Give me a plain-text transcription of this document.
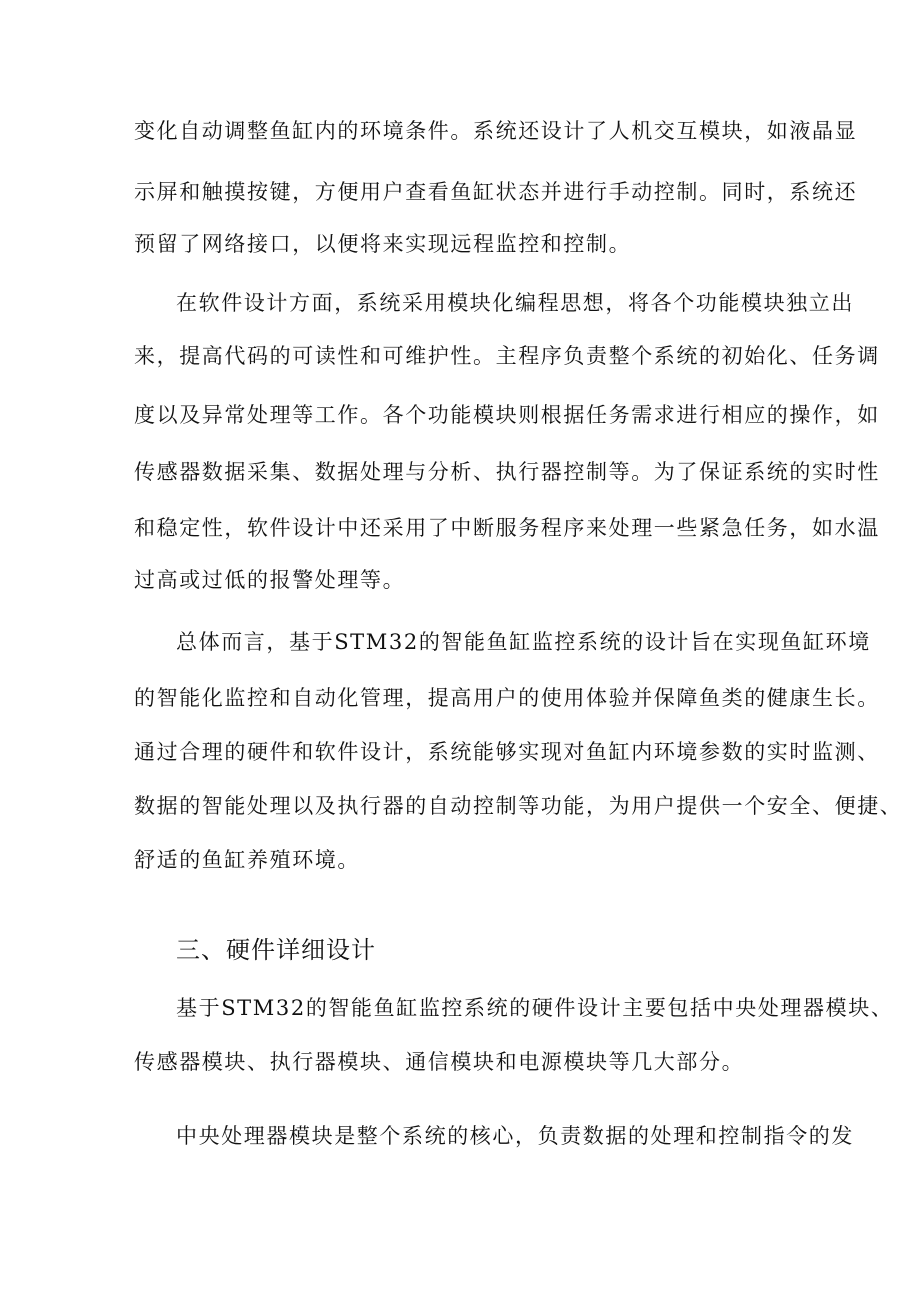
变化自动调整鱼缸内的环境条件。系统还设计了人机交互模块，如液晶显
示屏和触摸按键，方便用户查看鱼缸状态并进行手动控制。同时，系统还
预留了网络接口，以便将来实现远程监控和控制。
在软件设计方面，系统采用模块化编程思想，将各个功能模块独立出
来，提高代码的可读性和可维护性。主程序负责整个系统的初始化、任务调
度以及异常处理等工作。各个功能模块则根据任务需求进行相应的操作，如
传感器数据采集、数据处理与分析、执行器控制等。为了保证系统的实时性
和稳定性，软件设计中还采用了中断服务程序来处理一些紧急任务，如水温
过高或过低的报警处理等。
总体而言，基于STM32的智能鱼缸监控系统的设计旨在实现鱼缸环境
的智能化监控和自动化管理，提高用户的使用体验并保障鱼类的健康生长。
通过合理的硬件和软件设计，系统能够实现对鱼缸内环境参数的实时监测、
数据的智能处理以及执行器的自动控制等功能，为用户提供一个安全、便捷、
舒适的鱼缸养殖环境。
三、硬件详细设计
基于STM32的智能鱼缸监控系统的硬件设计主要包括中央处理器模块、
传感器模块、执行器模块、通信模块和电源模块等几大部分。
中央处理器模块是整个系统的核心，负责数据的处理和控制指令的发
